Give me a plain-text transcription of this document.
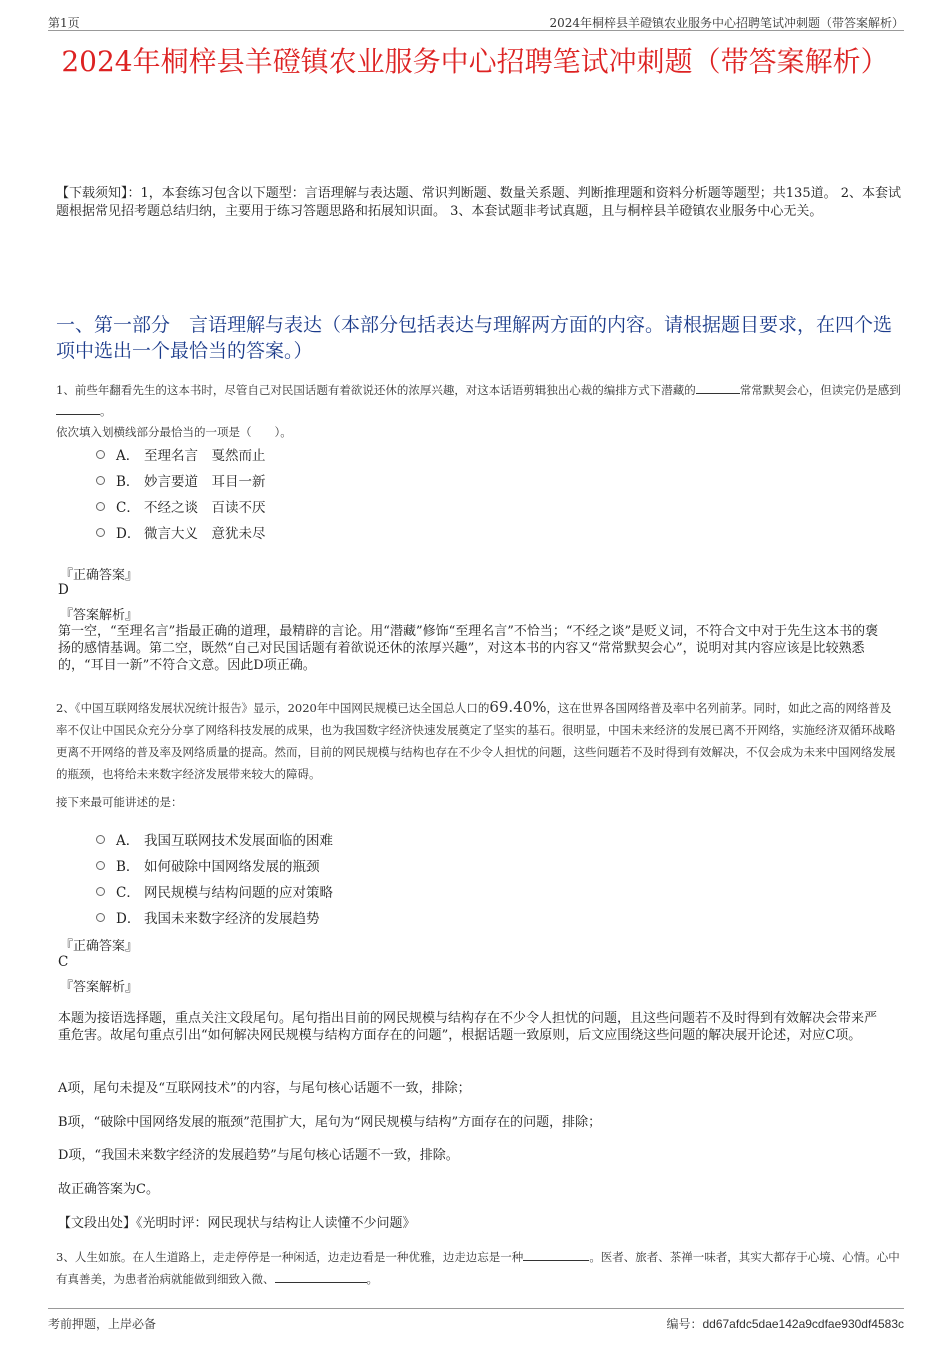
第1页	2024年桐梓县羊磴镇农业服务中心招聘笔试冲刺题（带答案解析）
2024年桐梓县羊磴镇农业服务中心招聘笔试冲刺题（带答案解析）
【下载须知】：1，本套练习包含以下题型：言语理解与表达题、常识判断题、数量关系题、判断推理题和资料分析题等题型；共135道。 2、本套试题根据常见招考题总结归纳，主要用于练习答题思路和拓展知识面。 3、本套试题非考试真题，且与桐梓县羊磴镇农业服务中心无关。
一、第一部分　言语理解与表达（本部分包括表达与理解两方面的内容。请根据题目要求，在四个选项中选出一个最恰当的答案。）
1、前些年翻看先生的这本书时，尽管自己对民国话题有着欲说还休的浓厚兴趣，对这本话语剪辑独出心裁的编排方式下潜藏的	常常默契会心，但读完仍是感到。
依次填入划横线部分最恰当的一项是（　　）。
A． 至理名言　戛然而止
B． 妙言要道　耳目一新
C． 不经之谈　百读不厌
D． 微言大义　意犹未尽
『正确答案』
D
『答案解析』
第一空，“至理名言”指最正确的道理，最精辟的言论。用“潜藏”修饰“至理名言”不恰当；“不经之谈”是贬义词，不符合文中对于先生这本书的褒扬的感情基调。第二空，既然“自己对民国话题有着欲说还休的浓厚兴趣”，对这本书的内容又“常常默契会心”，说明对其内容应该是比较熟悉的，“耳目一新”不符合文意。因此D项正确。
2、《中国互联网络发展状况统计报告》显示，2020年中国网民规模已达全国总人口的69.40%，这在世界各国网络普及率中名列前茅。同时，如此之高的网络普及率不仅让中国民众充分分享了网络科技发展的成果，也为我国数字经济快速发展奠定了坚实的基石。很明显，中国未来经济的发展已离不开网络，实施经济双循环战略更离不开网络的普及率及网络质量的提高。然而，目前的网民规模与结构也存在不少令人担忧的问题，这些问题若不及时得到有效解决，不仅会成为未来中国网络发展的瓶颈，也将给未来数字经济发展带来较大的障碍。
接下来最可能讲述的是：
A． 我国互联网技术发展面临的困难
B． 如何破除中国网络发展的瓶颈
C． 网民规模与结构问题的应对策略
D． 我国未来数字经济的发展趋势
『正确答案』
C
『答案解析』
本题为接语选择题，重点关注文段尾句。尾句指出目前的网民规模与结构存在不少令人担忧的问题，且这些问题若不及时得到有效解决会带来严重危害。故尾句重点引出“如何解决网民规模与结构方面存在的问题”，根据话题一致原则，后文应围绕这些问题的解决展开论述，对应C项。
A项，尾句未提及“互联网技术”的内容，与尾句核心话题不一致，排除；
B项，“破除中国网络发展的瓶颈”范围扩大，尾句为“网民规模与结构”方面存在的问题，排除；
D项，“我国未来数字经济的发展趋势”与尾句核心话题不一致，排除。
故正确答案为C。
【文段出处】《光明时评：网民现状与结构让人读懂不少问题》
3、人生如旅。在人生道路上，走走停停是一种闲适，边走边看是一种优雅，边走边忘是一种	。医者、旅者、茶禅一味者，其实大都存于心境、心情。心中有真善美，为患者治病就能做到细致入微、	。
考前押题，上岸必备	编号：dd67afdc5dae142a9cdfae930df4583c
